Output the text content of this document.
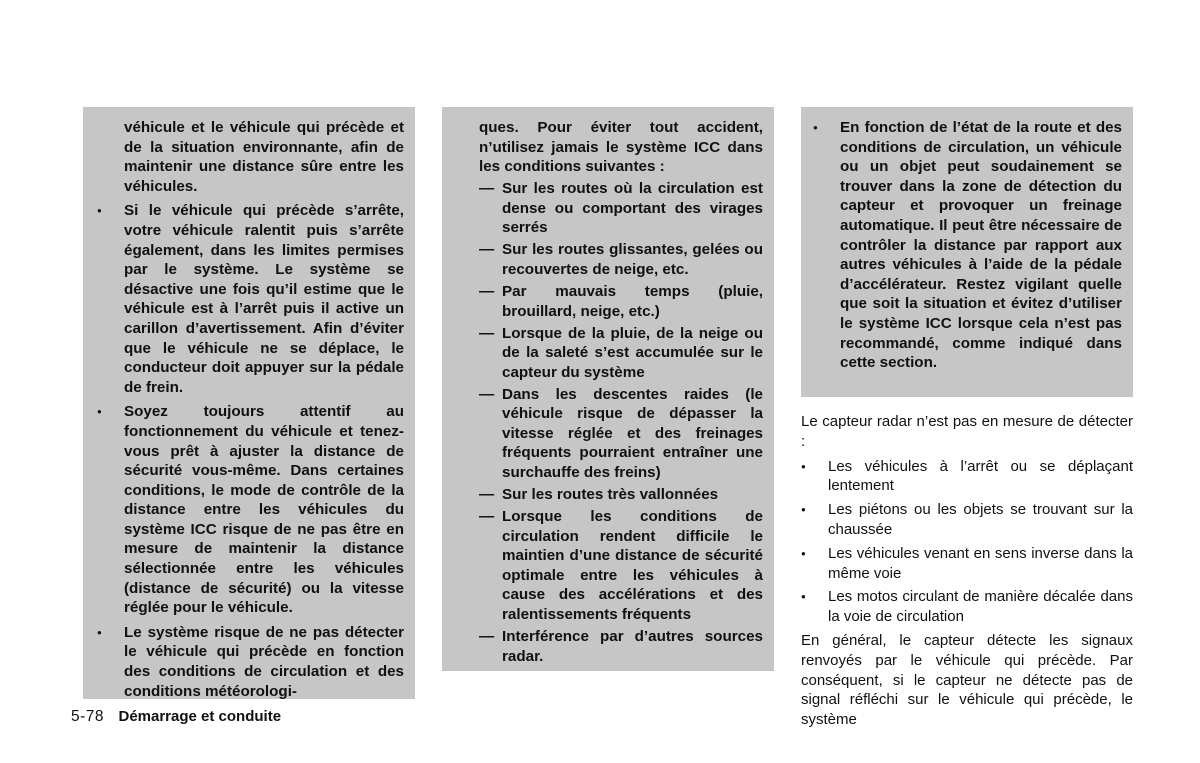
véhicule et le véhicule qui précède et de la situation environnante, afin de maintenir une distance sûre entre les véhicules.
● Si le véhicule qui précède s’arrête, votre véhicule ralentit puis s’arrête également, dans les limites permises par le système. Le système se désactive une fois qu’il estime que le véhicule est à l’arrêt puis il active un carillon d’avertissement. Afin d’éviter que le véhicule ne se déplace, le conducteur doit appuyer sur la pédale de frein.
● Soyez toujours attentif au fonctionnement du véhicule et tenez-vous prêt à ajuster la distance de sécurité vous-même. Dans certaines conditions, le mode de contrôle de la distance entre les véhicules du système ICC risque de ne pas être en mesure de maintenir la distance sélectionnée entre les véhicules (distance de sécurité) ou la vitesse réglée pour le véhicule.
● Le système risque de ne pas détecter le véhicule qui précède en fonction des conditions de circulation et des conditions météorologi-
ques. Pour éviter tout accident, n’utilisez jamais le système ICC dans les conditions suivantes :
— Sur les routes où la circulation est dense ou comportant des virages serrés
— Sur les routes glissantes, gelées ou recouvertes de neige, etc.
— Par mauvais temps (pluie, brouillard, neige, etc.)
— Lorsque de la pluie, de la neige ou de la saleté s’est accumulée sur le capteur du système
— Dans les descentes raides (le véhicule risque de dépasser la vitesse réglée et des freinages fréquents pourraient entraîner une surchauffe des freins)
— Sur les routes très vallonnées
— Lorsque les conditions de circulation rendent difficile le maintien d’une distance de sécurité optimale entre les véhicules à cause des accélérations et des ralentissements fréquents
— Interférence par d’autres sources radar.
● En fonction de l’état de la route et des conditions de circulation, un véhicule ou un objet peut soudainement se trouver dans la zone de détection du capteur et provoquer un freinage automatique. Il peut être nécessaire de contrôler la distance par rapport aux autres véhicules à l’aide de la pédale d’accélérateur. Restez vigilant quelle que soit la situation et évitez d’utiliser le système ICC lorsque cela n’est pas recommandé, comme indiqué dans cette section.
Le capteur radar n’est pas en mesure de détecter :
● Les véhicules à l’arrêt ou se déplaçant lentement
● Les piétons ou les objets se trouvant sur la chaussée
● Les véhicules venant en sens inverse dans la même voie
● Les motos circulant de manière décalée dans la voie de circulation
En général, le capteur détecte les signaux renvoyés par le véhicule qui précède. Par conséquent, si le capteur ne détecte pas de signal réfléchi sur le véhicule qui précède, le système
5-78 Démarrage et conduite
